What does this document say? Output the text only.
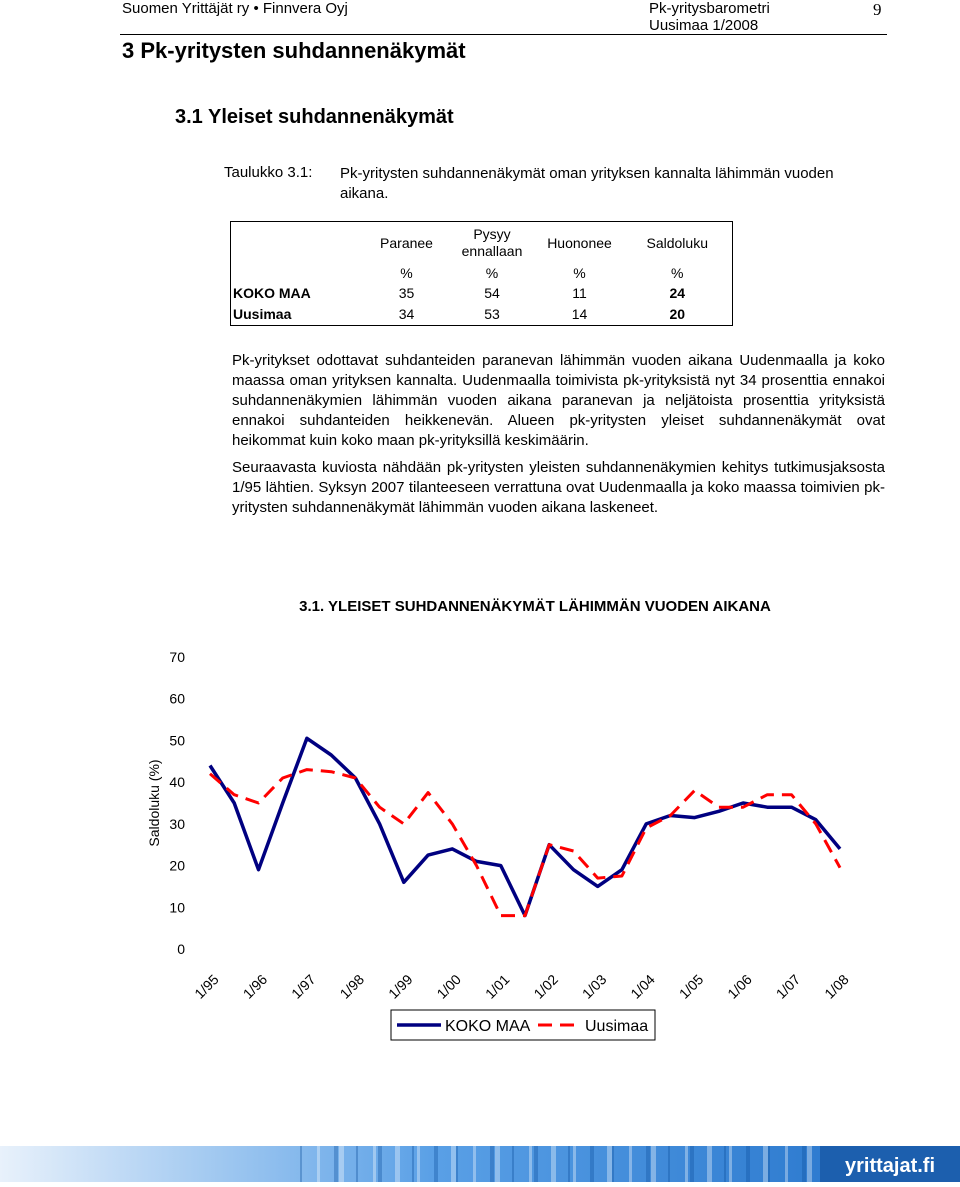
Suomen Yrittäjät ry • Finnvera Oyj	Pk-yritysbarometri
Uusimaa 1/2008
9
3 Pk-yritysten suhdannenäkymät
3.1 Yleiset suhdannenäkymät
Taulukko 3.1: Pk-yritysten suhdannenäkymät oman yrityksen kannalta lähimmän vuoden aikana.
	Paranee	Pysyy ennallaan	Huononee	Saldoluku
	%	%	%	%
KOKO MAA	35	54	11	24
Uusimaa	34	53	14	20
Pk-yritykset odottavat suhdanteiden paranevan lähimmän vuoden aikana Uudenmaalla ja koko maassa oman yrityksen kannalta. Uudenmaalla toimivista pk-yrityksistä nyt 34 prosenttia ennakoi suhdannenäkymien lähimmän vuoden aikana paranevan ja neljätoista prosenttia yrityksistä ennakoi suhdanteiden heikkenevän. Alueen pk-yritysten yleiset suhdannenäkymät ovat heikommat kuin koko maan pk-yrityksillä keskimäärin.
Seuraavasta kuviosta nähdään pk-yritysten yleisten suhdannenäkymien kehitys tutkimusjaksosta 1/95 lähtien. Syksyn 2007 tilanteeseen verrattuna ovat Uudenmaalla ja koko maassa toimivien pk-yritysten suhdannenäkymät lähimmän vuoden aikana laskeneet.
3.1. YLEISET SUHDANNENÄKYMÄT LÄHIMMÄN VUODEN AIKANA
0
10
20
30
40
50
60
70
1/95 1/96 1/97 1/98 1/99 1/00 1/01 1/02 1/03 1/04 1/05 1/06 1/07 1/08
Saldoluku (%)
KOKO MAA	Uusimaa
yrittajat.fi
